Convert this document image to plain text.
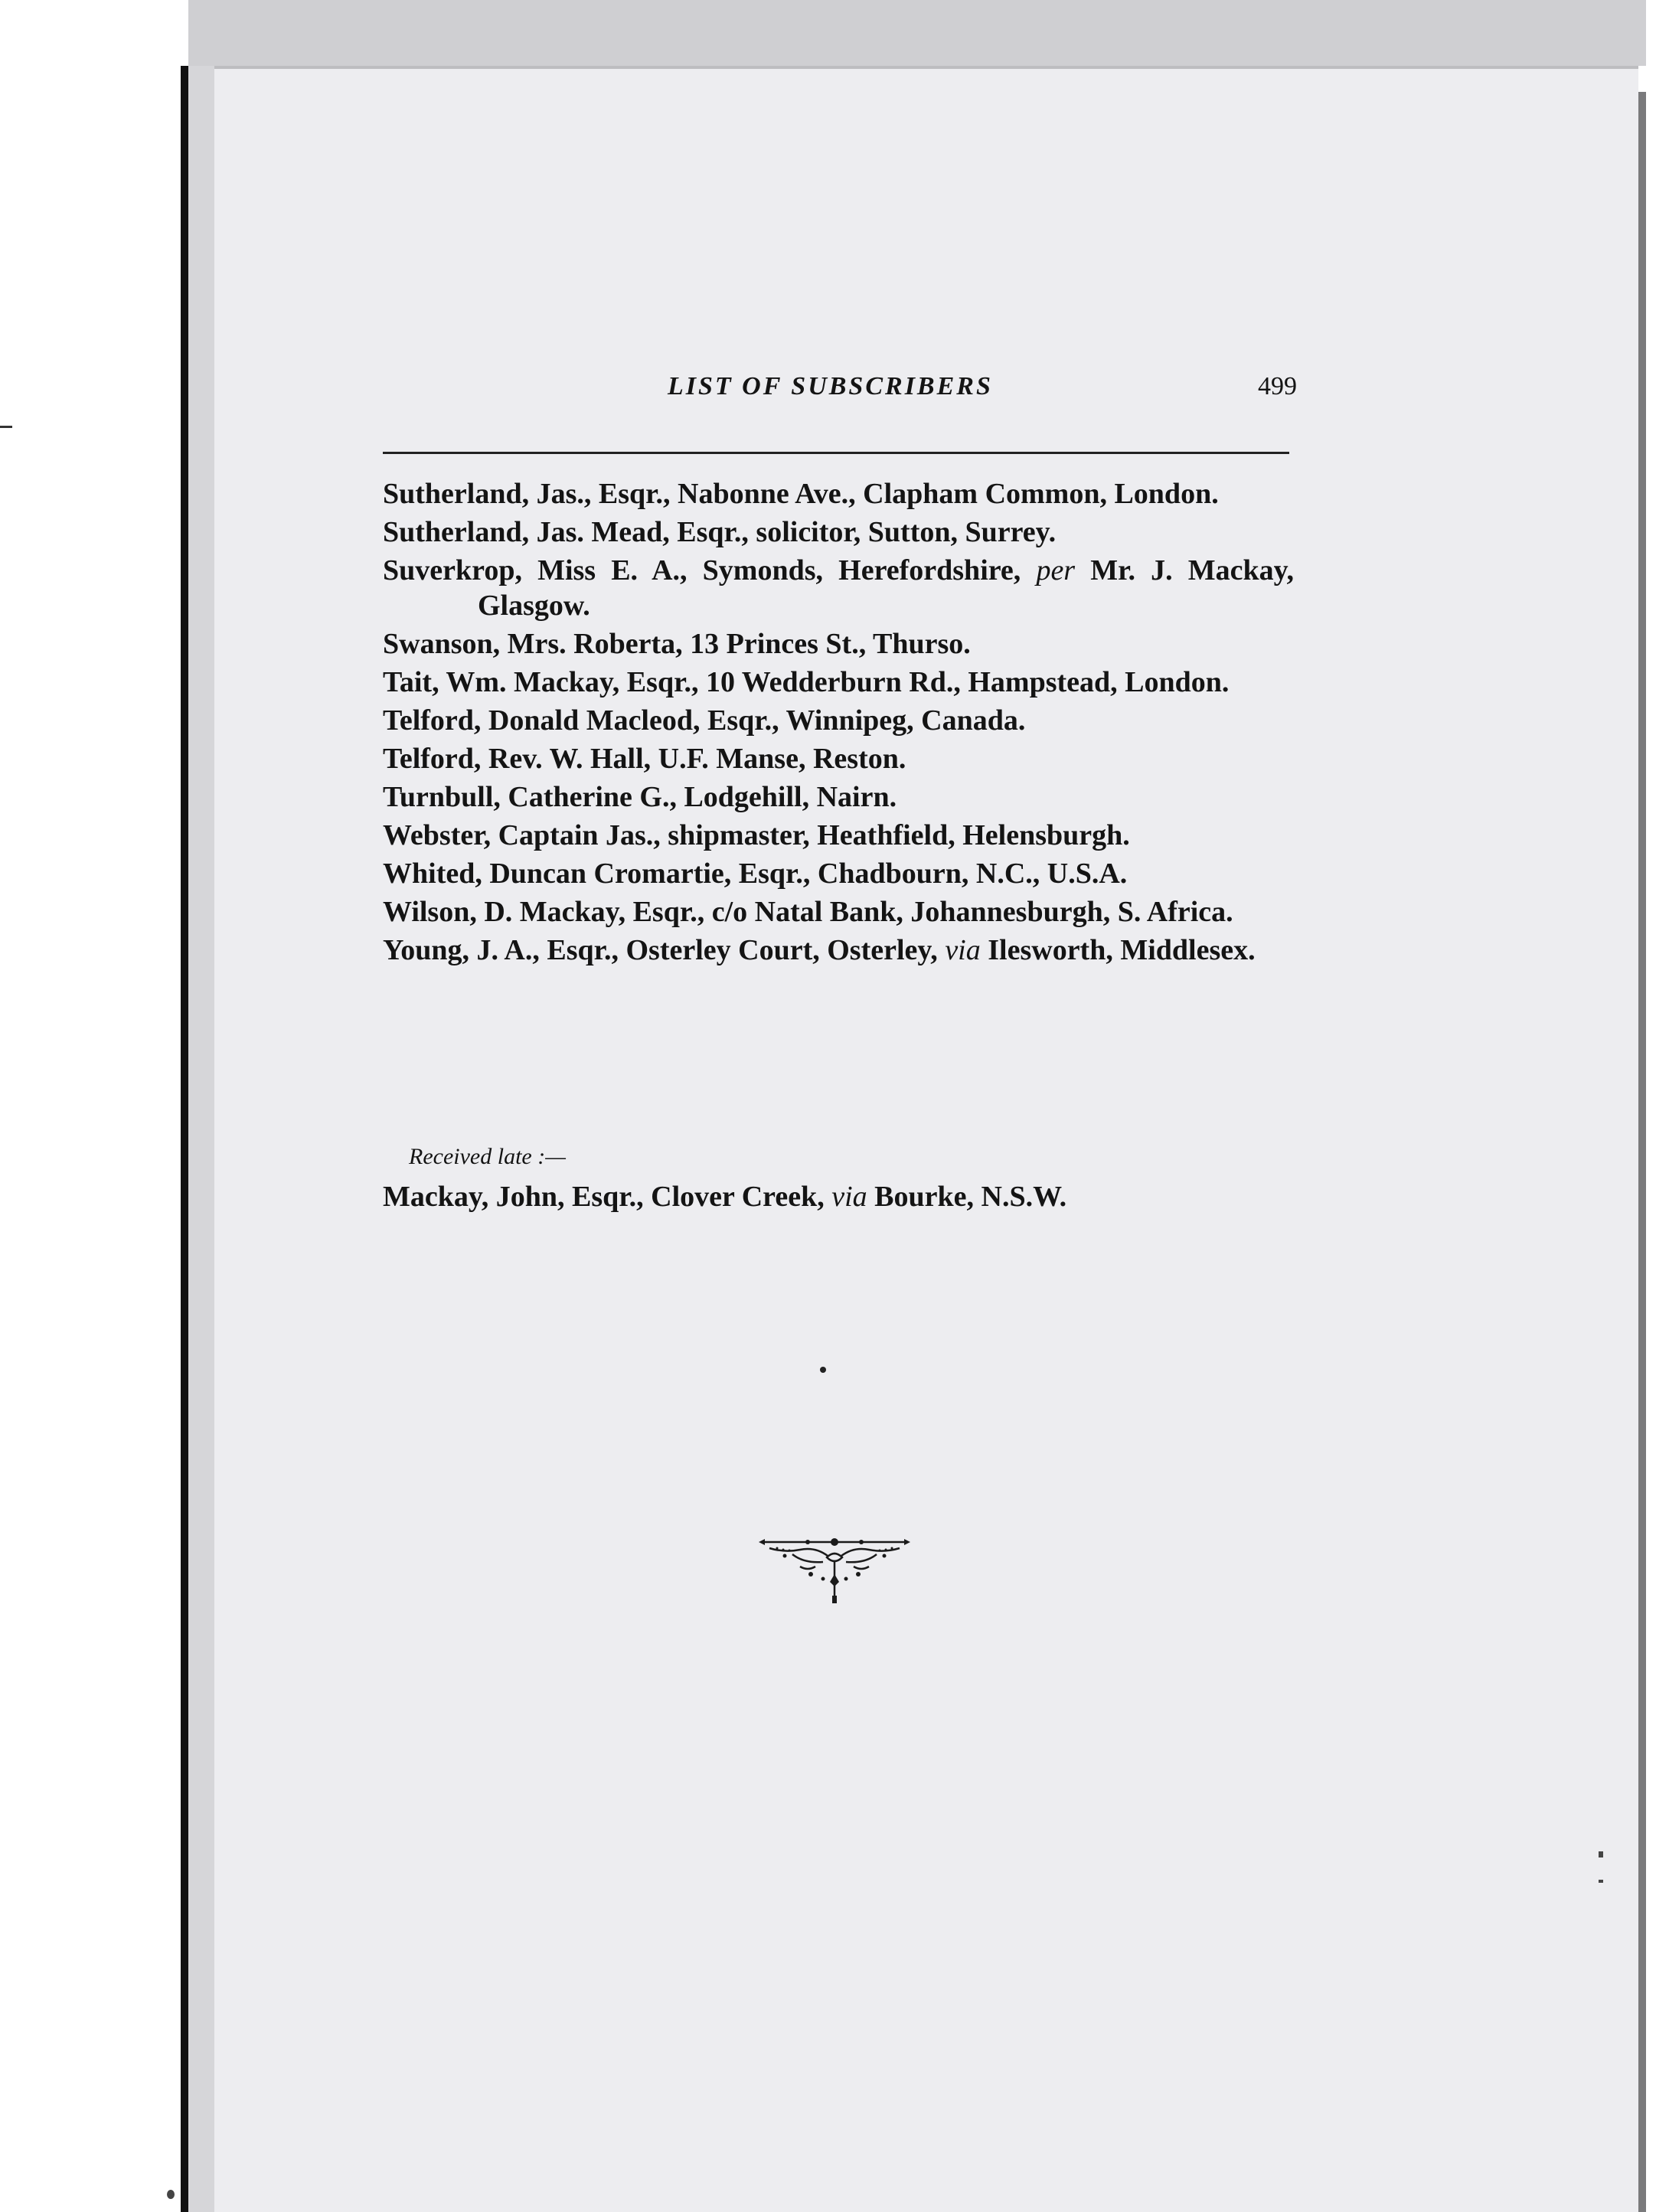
LIST OF SUBSCRIBERS	499

Sutherland, Jas., Esqr., Nabonne Ave., Clapham Common, London.

Sutherland, Jas. Mead, Esqr., solicitor, Sutton, Surrey.

Suverkrop, Miss E. A., Symonds, Herefordshire, per Mr. J. Mackay, Glasgow.

Swanson, Mrs. Roberta, 13 Princes St., Thurso.

Tait, Wm. Mackay, Esqr., 10 Wedderburn Rd., Hampstead, London.

Telford, Donald Macleod, Esqr., Winnipeg, Canada.

Telford, Rev. W. Hall, U.F. Manse, Reston.

Turnbull, Catherine G., Lodgehill, Nairn.

Webster, Captain Jas., shipmaster, Heathfield, Helensburgh.

Whited, Duncan Cromartie, Esqr., Chadbourn, N.C., U.S.A.

Wilson, D. Mackay, Esqr., c/o Natal Bank, Johannesburgh, S. Africa.

Young, J. A., Esqr., Osterley Court, Osterley, via Ilesworth, Middlesex.

Received late :—

Mackay, John, Esqr., Clover Creek, via Bourke, N.S.W.
